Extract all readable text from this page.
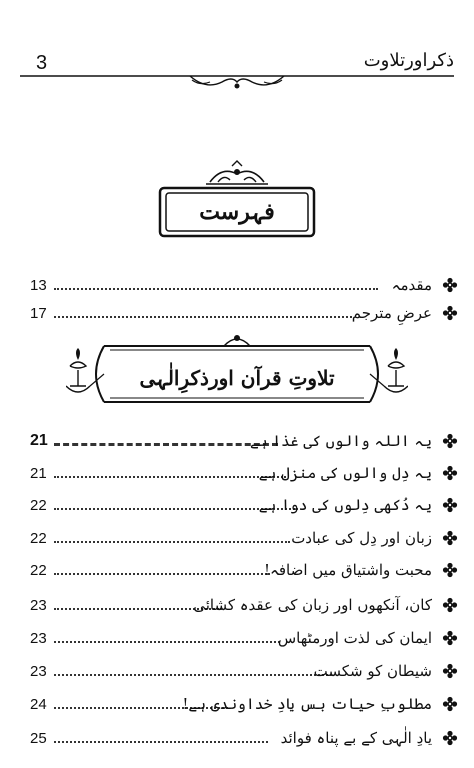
3	ذکراورتلاوت
فہرست
13	مقدمہ
17	عرضِ مترجم
تلاوتِ قرآن اورذکرِالٰہی
21	یہ اللہ والوں کی غذا ہے
21	یہ دِل والوں کی منزل ہے
22	یہ دُکھی دِلوں کی دوا ہے
22	زبان اور دِل کی عبادت
22	محبت واشتیاق میں اضافہ!
23	کان، آنکھوں اور زبان کی عقدہ کشائی
23	ایمان کی لذت اورمٹھاس
23	شیطان کو شکست
24	مطلوبِ حیات بس یادِ خداوندی ہے!
25	یادِ الٰہی کے بے پناہ فوائد
